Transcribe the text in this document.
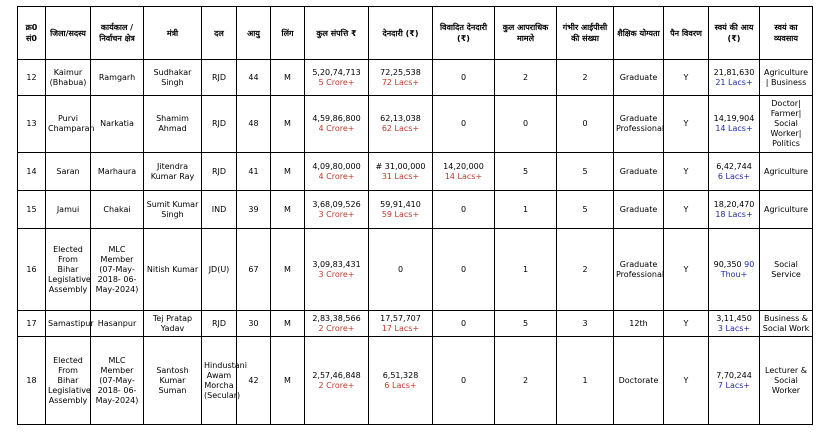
क्र0 सं0	जिला/सदस्य	कार्यकाल /निर्वाचन क्षेत्र	मंत्री	दल	आयु	लिंग	कुल संपत्ति ₹	देनदारी (₹)	विवादित देनदारी (₹)	कुल आपराधिक मामले	गंभीर आईपीसी की संख्या	शैक्षिक योग्यता	पैन विवरण	स्वयं की आय (₹)	स्वयं का व्यवसाय
12	Kaimur (Bhabua)	Ramgarh	Sudhakar Singh	RJD	44	M	5,20,74,713
5 Crore+	72,25,538
72 Lacs+	0	2	2	Graduate	Y	21,81,630
21 Lacs+	Agriculture | Business
13	Purvi Champaran	Narkatia	Shamim Ahmad	RJD	48	M	4,59,86,800
4 Crore+	62,13,038
62 Lacs+	0	0	0	Graduate Professional	Y	14,19,904
14 Lacs+	Doctor| Farmer| Social Worker| Politics
14	Saran	Marhaura	Jitendra Kumar Ray	RJD	41	M	4,09,80,000
4 Crore+	# 31,00,000
31 Lacs+	14,20,000
14 Lacs+	5	5	Graduate	Y	6,42,744
6 Lacs+	Agriculture
15	Jamui	Chakai	Sumit Kumar Singh	IND	39	M	3,68,09,526
3 Crore+	59,91,410
59 Lacs+	0	1	5	Graduate	Y	18,20,470
18 Lacs+	Agriculture
16	Elected From Bihar Legislative Assembly	MLC Member (07-May-2018- 06-May-2024)	Nitish Kumar	JD(U)	67	M	3,09,83,431
3 Crore+	0	0	1	2	Graduate Professional	Y	90,350 90 Thou+	Social Service
17	Samastipur	Hasanpur	Tej Pratap Yadav	RJD	30	M	2,83,38,566
2 Crore+	17,57,707
17 Lacs+	0	5	3	12th	Y	3,11,450
3 Lacs+	Business & Social Work
18	Elected From Bihar Legislative Assembly	MLC Member (07-May-2018- 06-May-2024)	Santosh Kumar Suman	Hindustani Awam Morcha (Secular)	42	M	2,57,46,848
2 Crore+	6,51,328
6 Lacs+	0	2	1	Doctorate	Y	7,70,244
7 Lacs+	Lecturer & Social Worker
